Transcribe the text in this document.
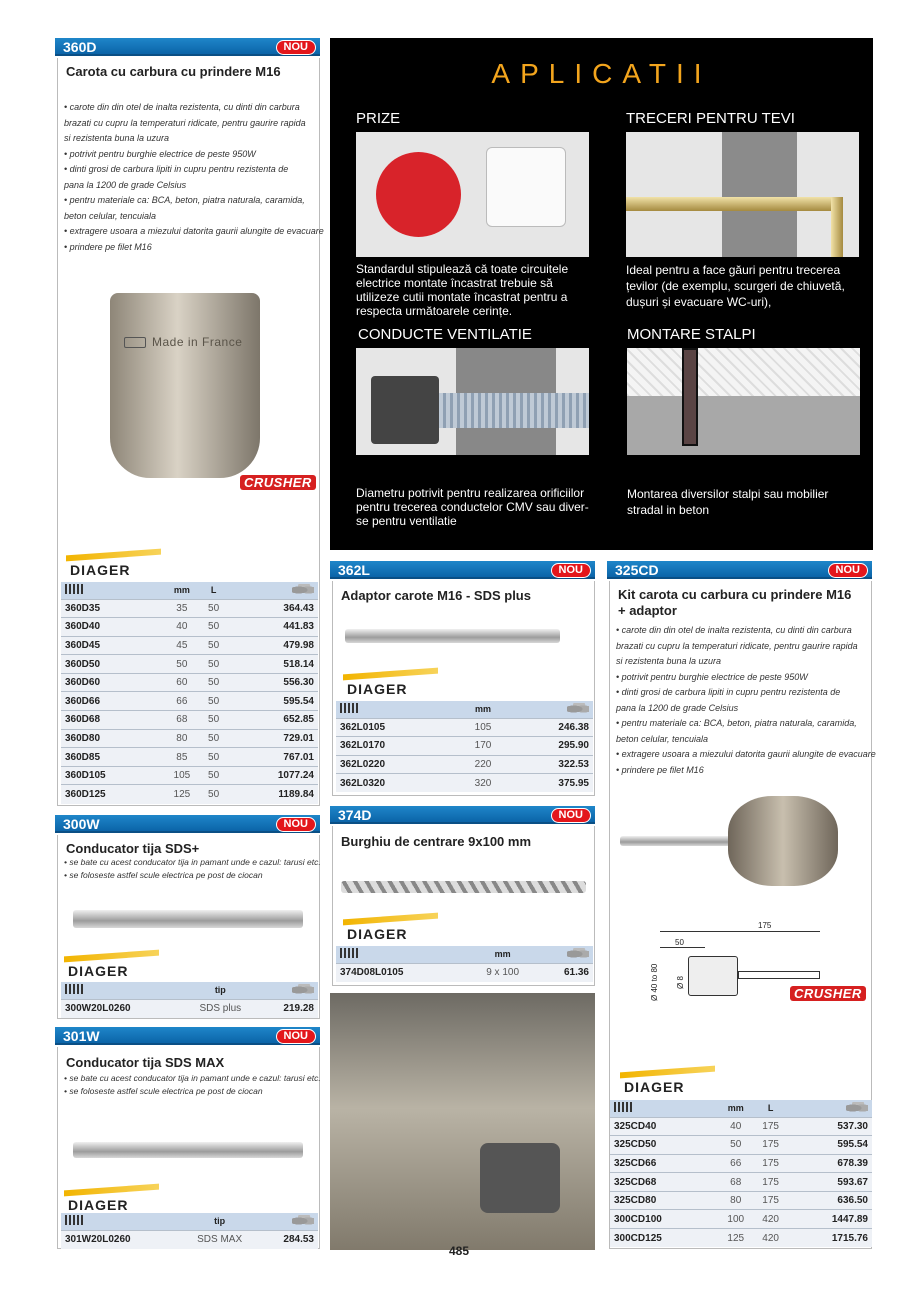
360D	NOU
Carota cu carbura cu prindere M16
• carote din din otel de inalta rezistenta, cu dinti din carbura
brazati cu cupru la temperaturi ridicate, pentru gaurire rapida
si rezistenta buna la uzura
• potrivit pentru burghie electrice de peste 950W
• dinti grosi de carbura lipiti in cupru pentru rezistenta de
pana la 1200 de grade Celsius
• pentru materiale ca: BCA, beton, piatra naturala, caramida,
beton celular, tencuiala
• extragere usoara a miezului datorita gaurii alungite de evacuare
• prindere pe filet M16
Made in France
CRUSHER
DIAGER
	mm	L	
360D35	35	50	364.43
360D40	40	50	441.83
360D45	45	50	479.98
360D50	50	50	518.14
360D60	60	50	556.30
360D66	66	50	595.54
360D68	68	50	652.85
360D80	80	50	729.01
360D85	85	50	767.01
360D105	105	50	1077.24
360D125	125	50	1189.84
300W	NOU
Conducator tija SDS+
• se bate cu acest conducator tija in pamant unde e cazul: tarusi etc.
• se foloseste astfel scule electrica pe post de ciocan
DIAGER
	tip	
300W20L0260	SDS plus	219.28
301W	NOU
Conducator tija SDS MAX
• se bate cu acest conducator tija in pamant unde e cazul: tarusi etc.
• se foloseste astfel scule electrica pe post de ciocan
DIAGER
	tip	
301W20L0260	SDS MAX	284.53
APLICATII
PRIZE
Standardul stipulează că toate circuitele electrice montate încastrat trebuie să utilizeze cutii montate încastrat pentru a respecta următoarele cerințe.
TRECERI PENTRU TEVI
Ideal pentru a face găuri pentru trecerea țevilor (de exemplu, scurgeri de chiuvetă, dușuri și evacuare WC-uri),
CONDUCTE VENTILATIE
Diametru potrivit pentru realizarea orificiilor pentru trecerea conductelor CMV sau diver-se pentru ventilatie
MONTARE STALPI
Montarea diversilor stalpi sau mobilier stradal in beton
362L	NOU
Adaptor carote M16 - SDS plus
DIAGER
	mm	
362L0105	105	246.38
362L0170	170	295.90
362L0220	220	322.53
362L0320	320	375.95
374D	NOU
Burghiu de centrare 9x100 mm
DIAGER
	mm	
374D08L0105	9 x 100	61.36
485
325CD	NOU
Kit carota cu carbura cu prindere M16 + adaptor
• carote din din otel de inalta rezistenta, cu dinti din carbura
brazati cu cupru la temperaturi ridicate, pentru gaurire rapida
si rezistenta buna la uzura
• potrivit pentru burghie electrice de peste 950W
• dinti grosi de carbura lipiti in cupru pentru rezistenta de
pana la 1200 de grade Celsius
• pentru materiale ca: BCA, beton, piatra naturala, caramida,
beton celular, tencuiala
• extragere usoara a miezului datorita gaurii alungite de evacuare
• prindere pe filet M16
175
50
Ø 40 to 80 Ø 8
CRUSHER
DIAGER
	mm	L	
325CD40	40	175	537.30
325CD50	50	175	595.54
325CD66	66	175	678.39
325CD68	68	175	593.67
325CD80	80	175	636.50
300CD100	100	420	1447.89
300CD125	125	420	1715.76
